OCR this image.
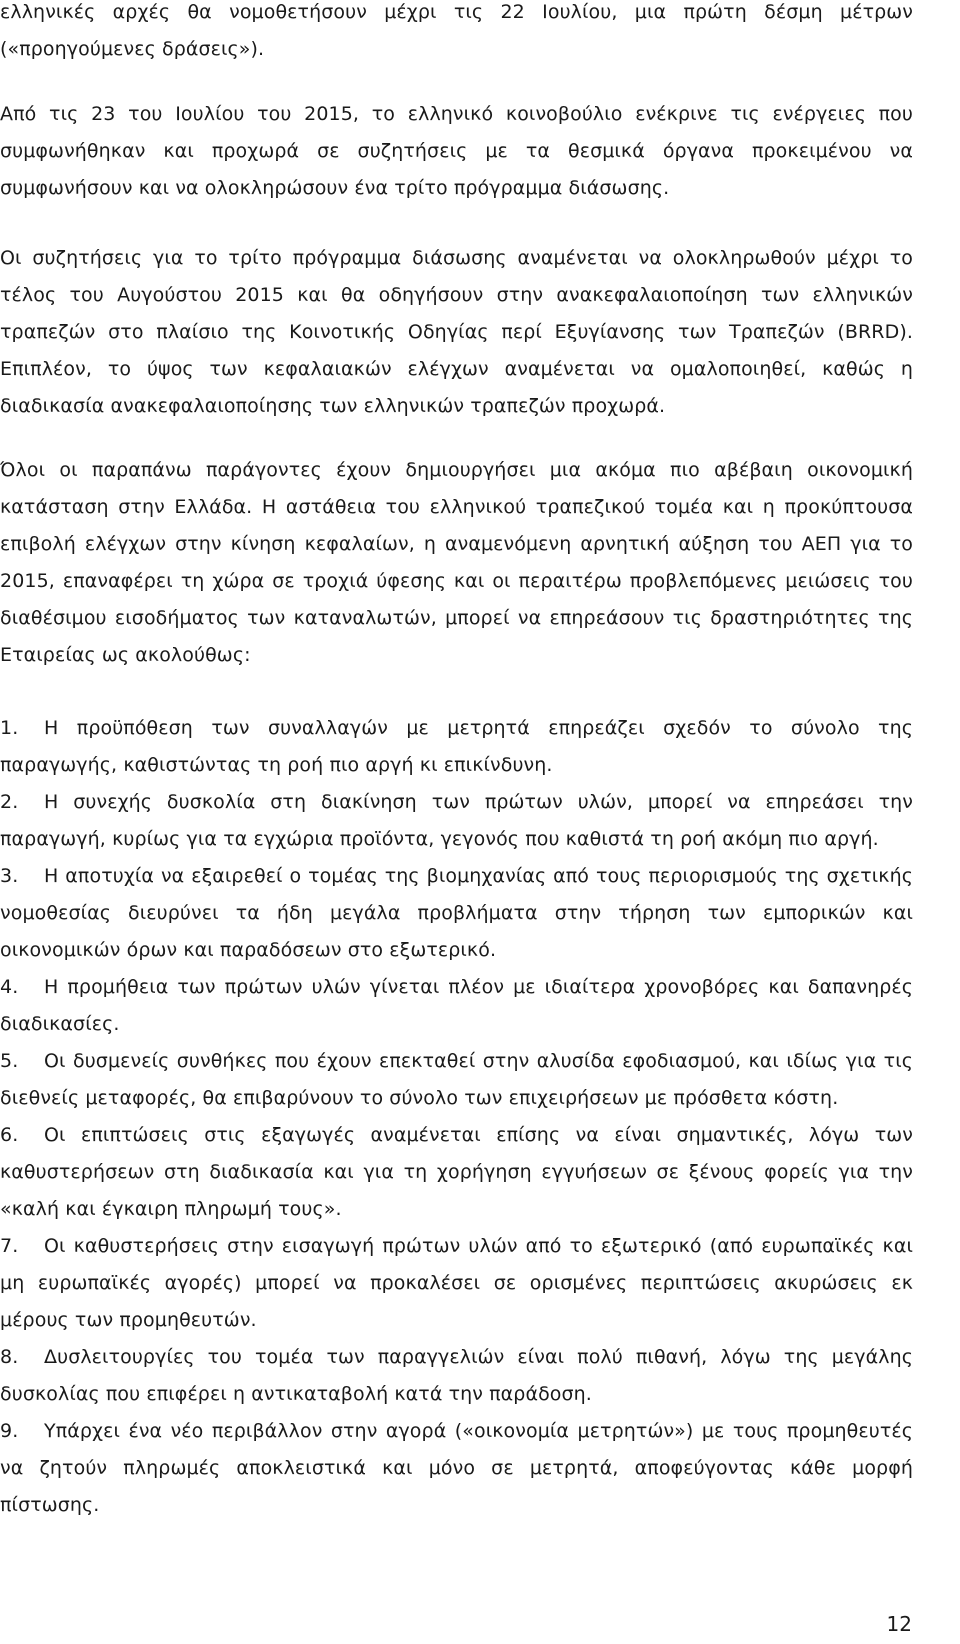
ελληνικές αρχές θα νομοθετήσουν μέχρι τις 22 Ιουλίου, μια πρώτη δέσμη μέτρων («προηγούμενες δράσεις»).

Από τις 23 του Ιουλίου του 2015, το ελληνικό κοινοβούλιο ενέκρινε τις ενέργειες που συμφωνήθηκαν και προχωρά σε συζητήσεις με τα θεσμικά όργανα προκειμένου να συμφωνήσουν και να ολοκληρώσουν ένα τρίτο πρόγραμμα διάσωσης.

Οι συζητήσεις για το τρίτο πρόγραμμα διάσωσης αναμένεται να ολοκληρωθούν μέχρι το τέλος του Αυγούστου 2015 και θα οδηγήσουν στην ανακεφαλαιοποίηση των ελληνικών τραπεζών στο πλαίσιο της Κοινοτικής Οδηγίας περί Εξυγίανσης των Τραπεζών (BRRD). Επιπλέον, το ύψος των κεφαλαιακών ελέγχων αναμένεται να ομαλοποιηθεί, καθώς η διαδικασία ανακεφαλαιοποίησης των ελληνικών τραπεζών προχωρά.

Όλοι οι παραπάνω παράγοντες έχουν δημιουργήσει μια ακόμα πιο αβέβαιη οικονομική κατάσταση στην Ελλάδα. Η αστάθεια του ελληνικού τραπεζικού τομέα και η προκύπτουσα επιβολή ελέγχων στην κίνηση κεφαλαίων, η αναμενόμενη αρνητική αύξηση του ΑΕΠ για το 2015, επαναφέρει τη χώρα σε τροχιά ύφεσης και οι περαιτέρω προβλεπόμενες μειώσεις του διαθέσιμου εισοδήματος των καταναλωτών, μπορεί να επηρεάσουν τις δραστηριότητες της Εταιρείας ως ακολούθως:

1. Η προϋπόθεση των συναλλαγών με μετρητά επηρεάζει σχεδόν το σύνολο της παραγωγής, καθιστώντας τη ροή πιο αργή κι επικίνδυνη.
2. Η συνεχής δυσκολία στη διακίνηση των πρώτων υλών, μπορεί να επηρεάσει την παραγωγή, κυρίως για τα εγχώρια προϊόντα, γεγονός που καθιστά τη ροή ακόμη πιο αργή.
3. Η αποτυχία να εξαιρεθεί ο τομέας της βιομηχανίας από τους περιορισμούς της σχετικής νομοθεσίας διευρύνει τα ήδη μεγάλα προβλήματα στην τήρηση των εμπορικών και οικονομικών όρων και παραδόσεων στο εξωτερικό.
4. Η προμήθεια των πρώτων υλών γίνεται πλέον με ιδιαίτερα χρονοβόρες και δαπανηρές διαδικασίες.
5. Οι δυσμενείς συνθήκες που έχουν επεκταθεί στην αλυσίδα εφοδιασμού, και ιδίως για τις διεθνείς μεταφορές, θα επιβαρύνουν το σύνολο των επιχειρήσεων με πρόσθετα κόστη.
6. Οι επιπτώσεις στις εξαγωγές αναμένεται επίσης να είναι σημαντικές, λόγω των καθυστερήσεων στη διαδικασία και για τη χορήγηση εγγυήσεων σε ξένους φορείς για την «καλή και έγκαιρη πληρωμή τους».
7. Οι καθυστερήσεις στην εισαγωγή πρώτων υλών από το εξωτερικό (από ευρωπαϊκές και μη ευρωπαϊκές αγορές) μπορεί να προκαλέσει σε ορισμένες περιπτώσεις ακυρώσεις εκ μέρους των προμηθευτών.
8. Δυσλειτουργίες του τομέα των παραγγελιών είναι πολύ πιθανή, λόγω της μεγάλης δυσκολίας που επιφέρει η αντικαταβολή κατά την παράδοση.
9. Υπάρχει ένα νέο περιβάλλον στην αγορά («οικονομία μετρητών») με τους προμηθευτές να ζητούν πληρωμές αποκλειστικά και μόνο σε μετρητά, αποφεύγοντας κάθε μορφή πίστωσης.
12
